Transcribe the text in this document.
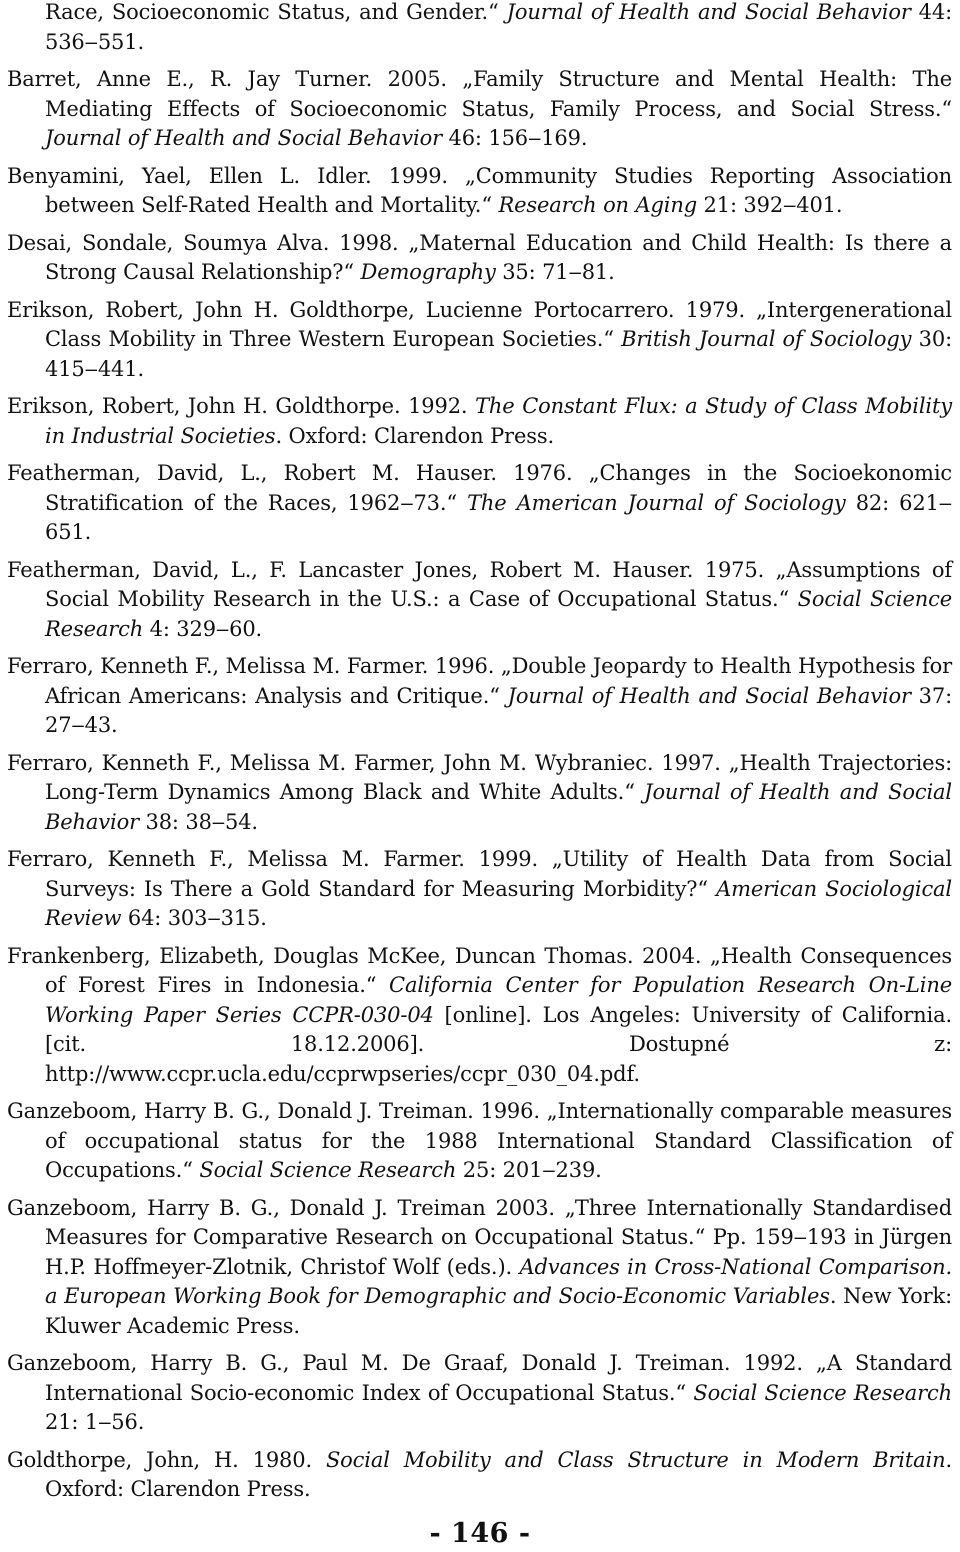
Race, Socioeconomic Status, and Gender.“ Journal of Health and Social Behavior 44: 536‒551.

Barret, Anne E., R. Jay Turner. 2005. „Family Structure and Mental Health: The Mediating Effects of Socioeconomic Status, Family Process, and Social Stress.“ Journal of Health and Social Behavior 46: 156‒169.

Benyamini, Yael, Ellen L. Idler. 1999. „Community Studies Reporting Association between Self-Rated Health and Mortality.“ Research on Aging 21: 392‒401.

Desai, Sondale, Soumya Alva. 1998. „Maternal Education and Child Health: Is there a Strong Causal Relationship?“ Demography 35: 71‒81.

Erikson, Robert, John H. Goldthorpe, Lucienne Portocarrero. 1979. „Intergenerational Class Mobility in Three Western European Societies.“ British Journal of Sociology 30: 415‒441.

Erikson, Robert, John H. Goldthorpe. 1992. The Constant Flux: a Study of Class Mobility in Industrial Societies. Oxford: Clarendon Press.

Featherman, David, L., Robert M. Hauser. 1976. „Changes in the Socioekonomic Stratification of the Races, 1962‒73.“ The American Journal of Sociology 82: 621‒651.

Featherman, David, L., F. Lancaster Jones, Robert M. Hauser. 1975. „Assumptions of Social Mobility Research in the U.S.: a Case of Occupational Status.“ Social Science Research 4: 329‒60.

Ferraro, Kenneth F., Melissa M. Farmer. 1996. „Double Jeopardy to Health Hypothesis for African Americans: Analysis and Critique.“ Journal of Health and Social Behavior 37: 27‒43.

Ferraro, Kenneth F., Melissa M. Farmer, John M. Wybraniec. 1997. „Health Trajectories: Long-Term Dynamics Among Black and White Adults.“ Journal of Health and Social Behavior 38: 38‒54.

Ferraro, Kenneth F., Melissa M. Farmer. 1999. „Utility of Health Data from Social Surveys: Is There a Gold Standard for Measuring Morbidity?“ American Sociological Review 64: 303‒315.

Frankenberg, Elizabeth, Douglas McKee, Duncan Thomas. 2004. „Health Consequences of Forest Fires in Indonesia.“ California Center for Population Research On-Line Working Paper Series CCPR-030-04 [online]. Los Angeles: University of California. [cit. 18.12.2006]. Dostupné z: http://www.ccpr.ucla.edu/ccprwpseries/ccpr_030_04.pdf.

Ganzeboom, Harry B. G., Donald J. Treiman. 1996. „Internationally comparable measures of occupational status for the 1988 International Standard Classification of Occupations.“ Social Science Research 25: 201‒239.

Ganzeboom, Harry B. G., Donald J. Treiman 2003. „Three Internationally Standardised Measures for Comparative Research on Occupational Status.“ Pp. 159‒193 in Jürgen H.P. Hoffmeyer-Zlotnik, Christof Wolf (eds.). Advances in Cross-National Comparison. a European Working Book for Demographic and Socio-Economic Variables. New York: Kluwer Academic Press.

Ganzeboom, Harry B. G., Paul M. De Graaf, Donald J. Treiman. 1992. „A Standard International Socio-economic Index of Occupational Status.“ Social Science Research 21: 1‒56.

Goldthorpe, John, H. 1980. Social Mobility and Class Structure in Modern Britain. Oxford: Clarendon Press.

- 146 -
